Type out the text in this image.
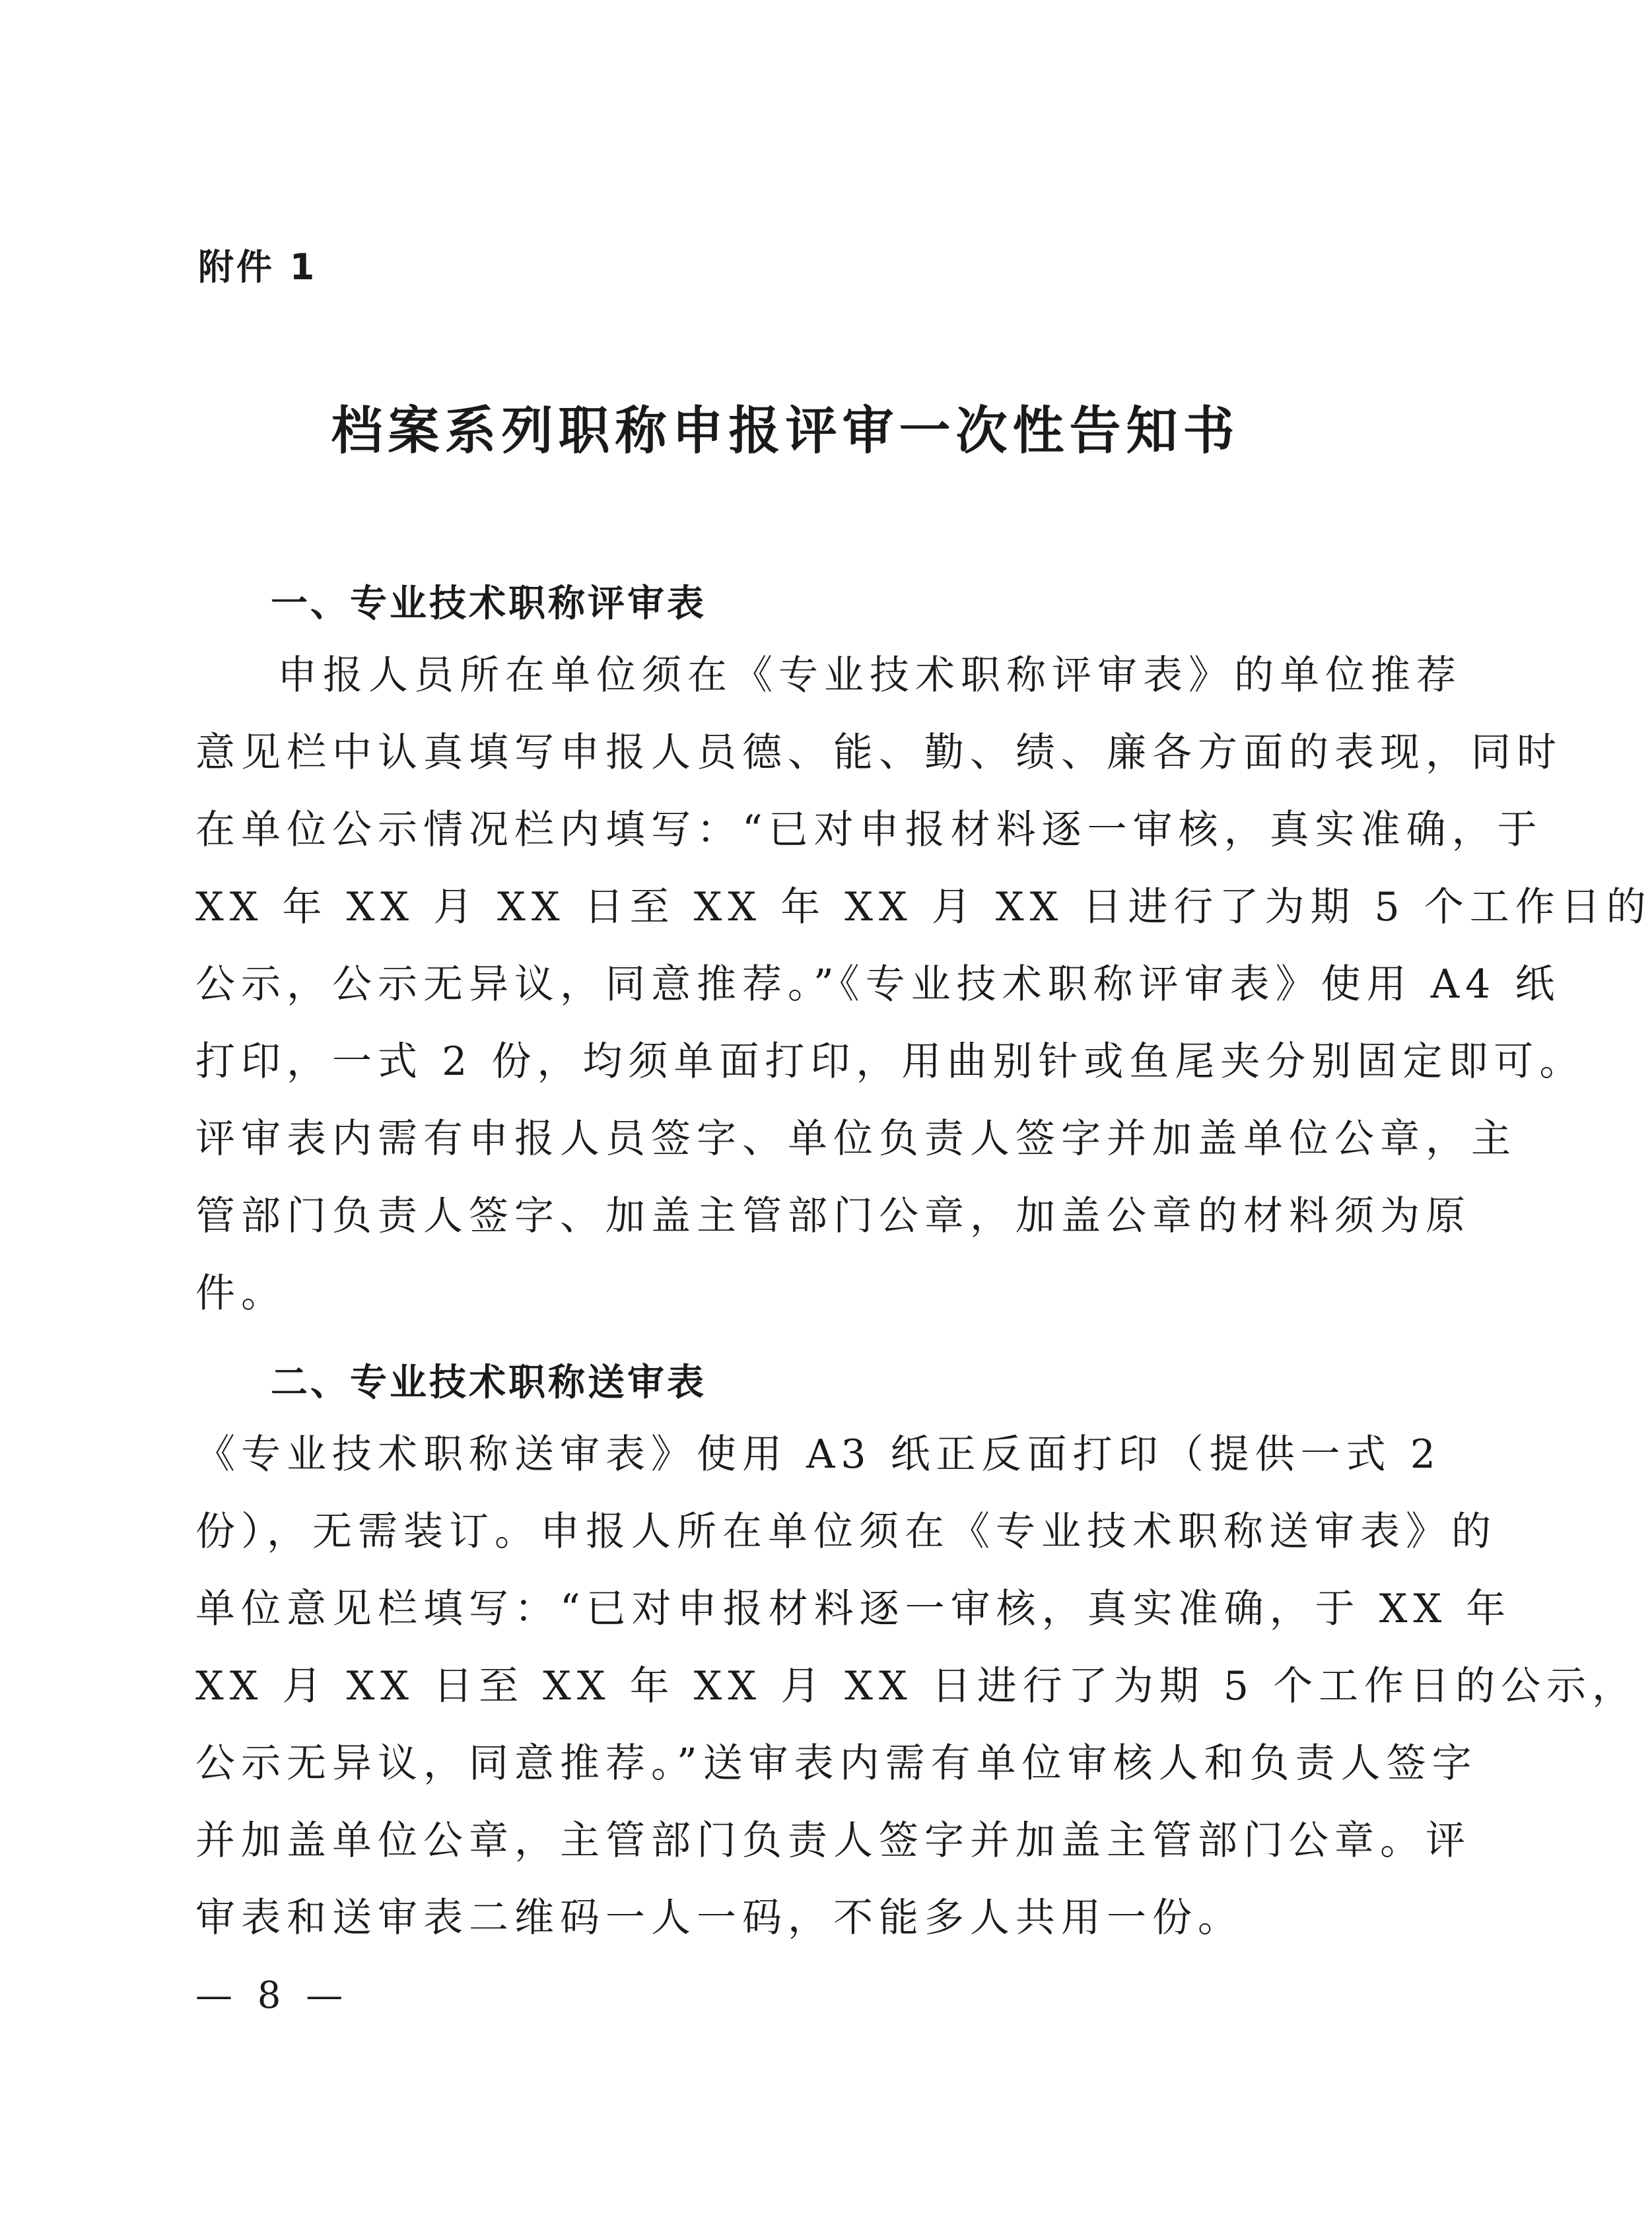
附件 1
档案系列职称申报评审一次性告知书
一、专业技术职称评审表
申报人员所在单位须在《专业技术职称评审表》的单位推荐
意见栏中认真填写申报人员德、能、勤、绩、廉各方面的表现，同时
在单位公示情况栏内填写：“已对申报材料逐一审核，真实准确，于
XX 年 XX 月 XX 日至 XX 年 XX 月 XX 日进行了为期 5 个工作日的
公示，公示无异议，同意推荐。”《专业技术职称评审表》使用 A4 纸
打印，一式 2 份，均须单面打印，用曲别针或鱼尾夹分别固定即可。
评审表内需有申报人员签字、单位负责人签字并加盖单位公章，主
管部门负责人签字、加盖主管部门公章，加盖公章的材料须为原
件。
二、专业技术职称送审表
《专业技术职称送审表》使用 A3 纸正反面打印（提供一式 2
份），无需装订。申报人所在单位须在《专业技术职称送审表》的
单位意见栏填写：“已对申报材料逐一审核，真实准确，于 XX 年
XX 月 XX 日至 XX 年 XX 月 XX 日进行了为期 5 个工作日的公示，
公示无异议，同意推荐。”送审表内需有单位审核人和负责人签字
并加盖单位公章，主管部门负责人签字并加盖主管部门公章。评
审表和送审表二维码一人一码，不能多人共用一份。
— 8 —
